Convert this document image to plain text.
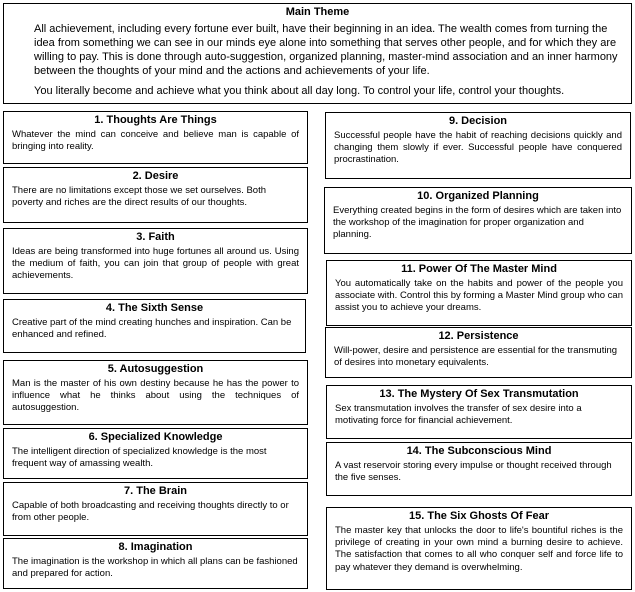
Main Theme
All achievement, including every fortune ever built, have their beginning in an idea. The wealth comes from turning the idea from something we can see in our minds eye alone into something that serves other people, and for which they are willing to pay. This is done through auto-suggestion, organized planning, master-mind association and an inner harmony between the thoughts of your mind and the actions and achievements of your life.
You literally become and achieve what you think about all day long. To control your life, control your thoughts.
1. Thoughts Are Things
Whatever the mind can conceive and believe man is capable of bringing into reality.
2. Desire
There are no limitations except those we set ourselves. Both poverty and riches are the direct results of our thoughts.
3. Faith
Ideas are being transformed into huge fortunes all around us. Using the medium of faith, you can join that group of people with great achievements.
4. The Sixth Sense
Creative part of the mind creating hunches and inspiration. Can be enhanced and refined.
5. Autosuggestion
Man is the master of his own destiny because he has the power to influence what he thinks about using the techniques of autosuggestion.
6. Specialized Knowledge
The intelligent direction of specialized knowledge is the most frequent way of amassing wealth.
7. The Brain
Capable of both broadcasting and receiving thoughts directly to or from other people.
8. Imagination
The imagination is the workshop in which all plans can be fashioned and prepared for action.
9. Decision
Successful people have the habit of reaching decisions quickly and changing them slowly if ever. Successful people have conquered procrastination.
10. Organized Planning
Everything created begins in the form of desires which are taken into the workshop of the imagination for proper organization and planning.
11. Power Of The Master Mind
You automatically take on the habits and power of the people you associate with. Control this by forming a Master Mind group who can assist you to achieve your dreams.
12. Persistence
Will-power, desire and persistence are essential for the transmuting of desires into monetary equivalents.
13. The Mystery Of Sex Transmutation
Sex transmutation involves the transfer of sex desire into a motivating force for financial achievement.
14. The Subconscious Mind
A vast reservoir storing every impulse or thought received through the five senses.
15. The Six Ghosts Of Fear
The master key that unlocks the door to life's bountiful riches is the privilege of creating in your own mind a burning desire to achieve. The satisfaction that comes to all who conquer self and force life to pay whatever they demand is overwhelming.
